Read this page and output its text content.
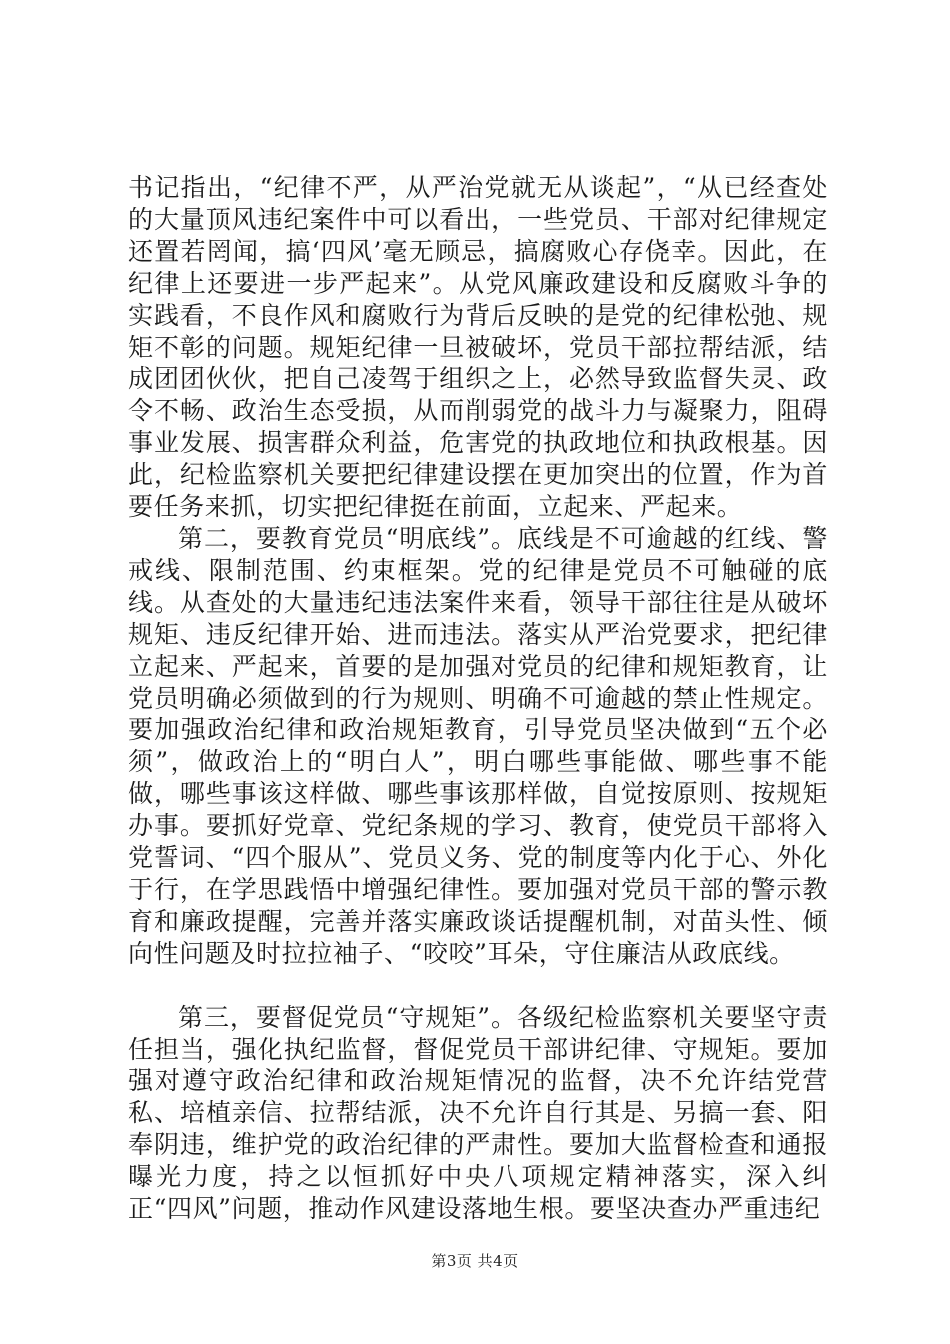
书记指出，“纪律不严，从严治党就无从谈起”，“从已经查处的大量顶风违纪案件中可以看出，一些党员、干部对纪律规定还置若罔闻，搞‘四风’毫无顾忌，搞腐败心存侥幸。因此，在纪律上还要进一步严起来”。从党风廉政建设和反腐败斗争的实践看，不良作风和腐败行为背后反映的是党的纪律松弛、规矩不彰的问题。规矩纪律一旦被破坏，党员干部拉帮结派，结成团团伙伙，把自己凌驾于组织之上，必然导致监督失灵、政令不畅、政治生态受损，从而削弱党的战斗力与凝聚力，阻碍事业发展、损害群众利益，危害党的执政地位和执政根基。因此，纪检监察机关要把纪律建设摆在更加突出的位置，作为首要任务来抓，切实把纪律挺在前面，立起来、严起来。

第二，要教育党员“明底线”。底线是不可逾越的红线、警戒线、限制范围、约束框架。党的纪律是党员不可触碰的底线。从查处的大量违纪违法案件来看，领导干部往往是从破坏规矩、违反纪律开始、进而违法。落实从严治党要求，把纪律立起来、严起来，首要的是加强对党员的纪律和规矩教育，让党员明确必须做到的行为规则、明确不可逾越的禁止性规定。要加强政治纪律和政治规矩教育，引导党员坚决做到“五个必须”，做政治上的“明白人”，明白哪些事能做、哪些事不能做，哪些事该这样做、哪些事该那样做，自觉按原则、按规矩办事。要抓好党章、党纪条规的学习、教育，使党员干部将入党誓词、“四个服从”、党员义务、党的制度等内化于心、外化于行，在学思践悟中增强纪律性。要加强对党员干部的警示教育和廉政提醒，完善并落实廉政谈话提醒机制，对苗头性、倾向性问题及时拉拉袖子、“咬咬”耳朵，守住廉洁从政底线。

第三，要督促党员“守规矩”。各级纪检监察机关要坚守责任担当，强化执纪监督，督促党员干部讲纪律、守规矩。要加强对遵守政治纪律和政治规矩情况的监督，决不允许结党营私、培植亲信、拉帮结派，决不允许自行其是、另搞一套、阳奉阴违，维护党的政治纪律的严肃性。要加大监督检查和通报曝光力度，持之以恒抓好中央八项规定精神落实，深入纠正“四风”问题，推动作风建设落地生根。要坚决查办严重违纪

第3页 共4页
